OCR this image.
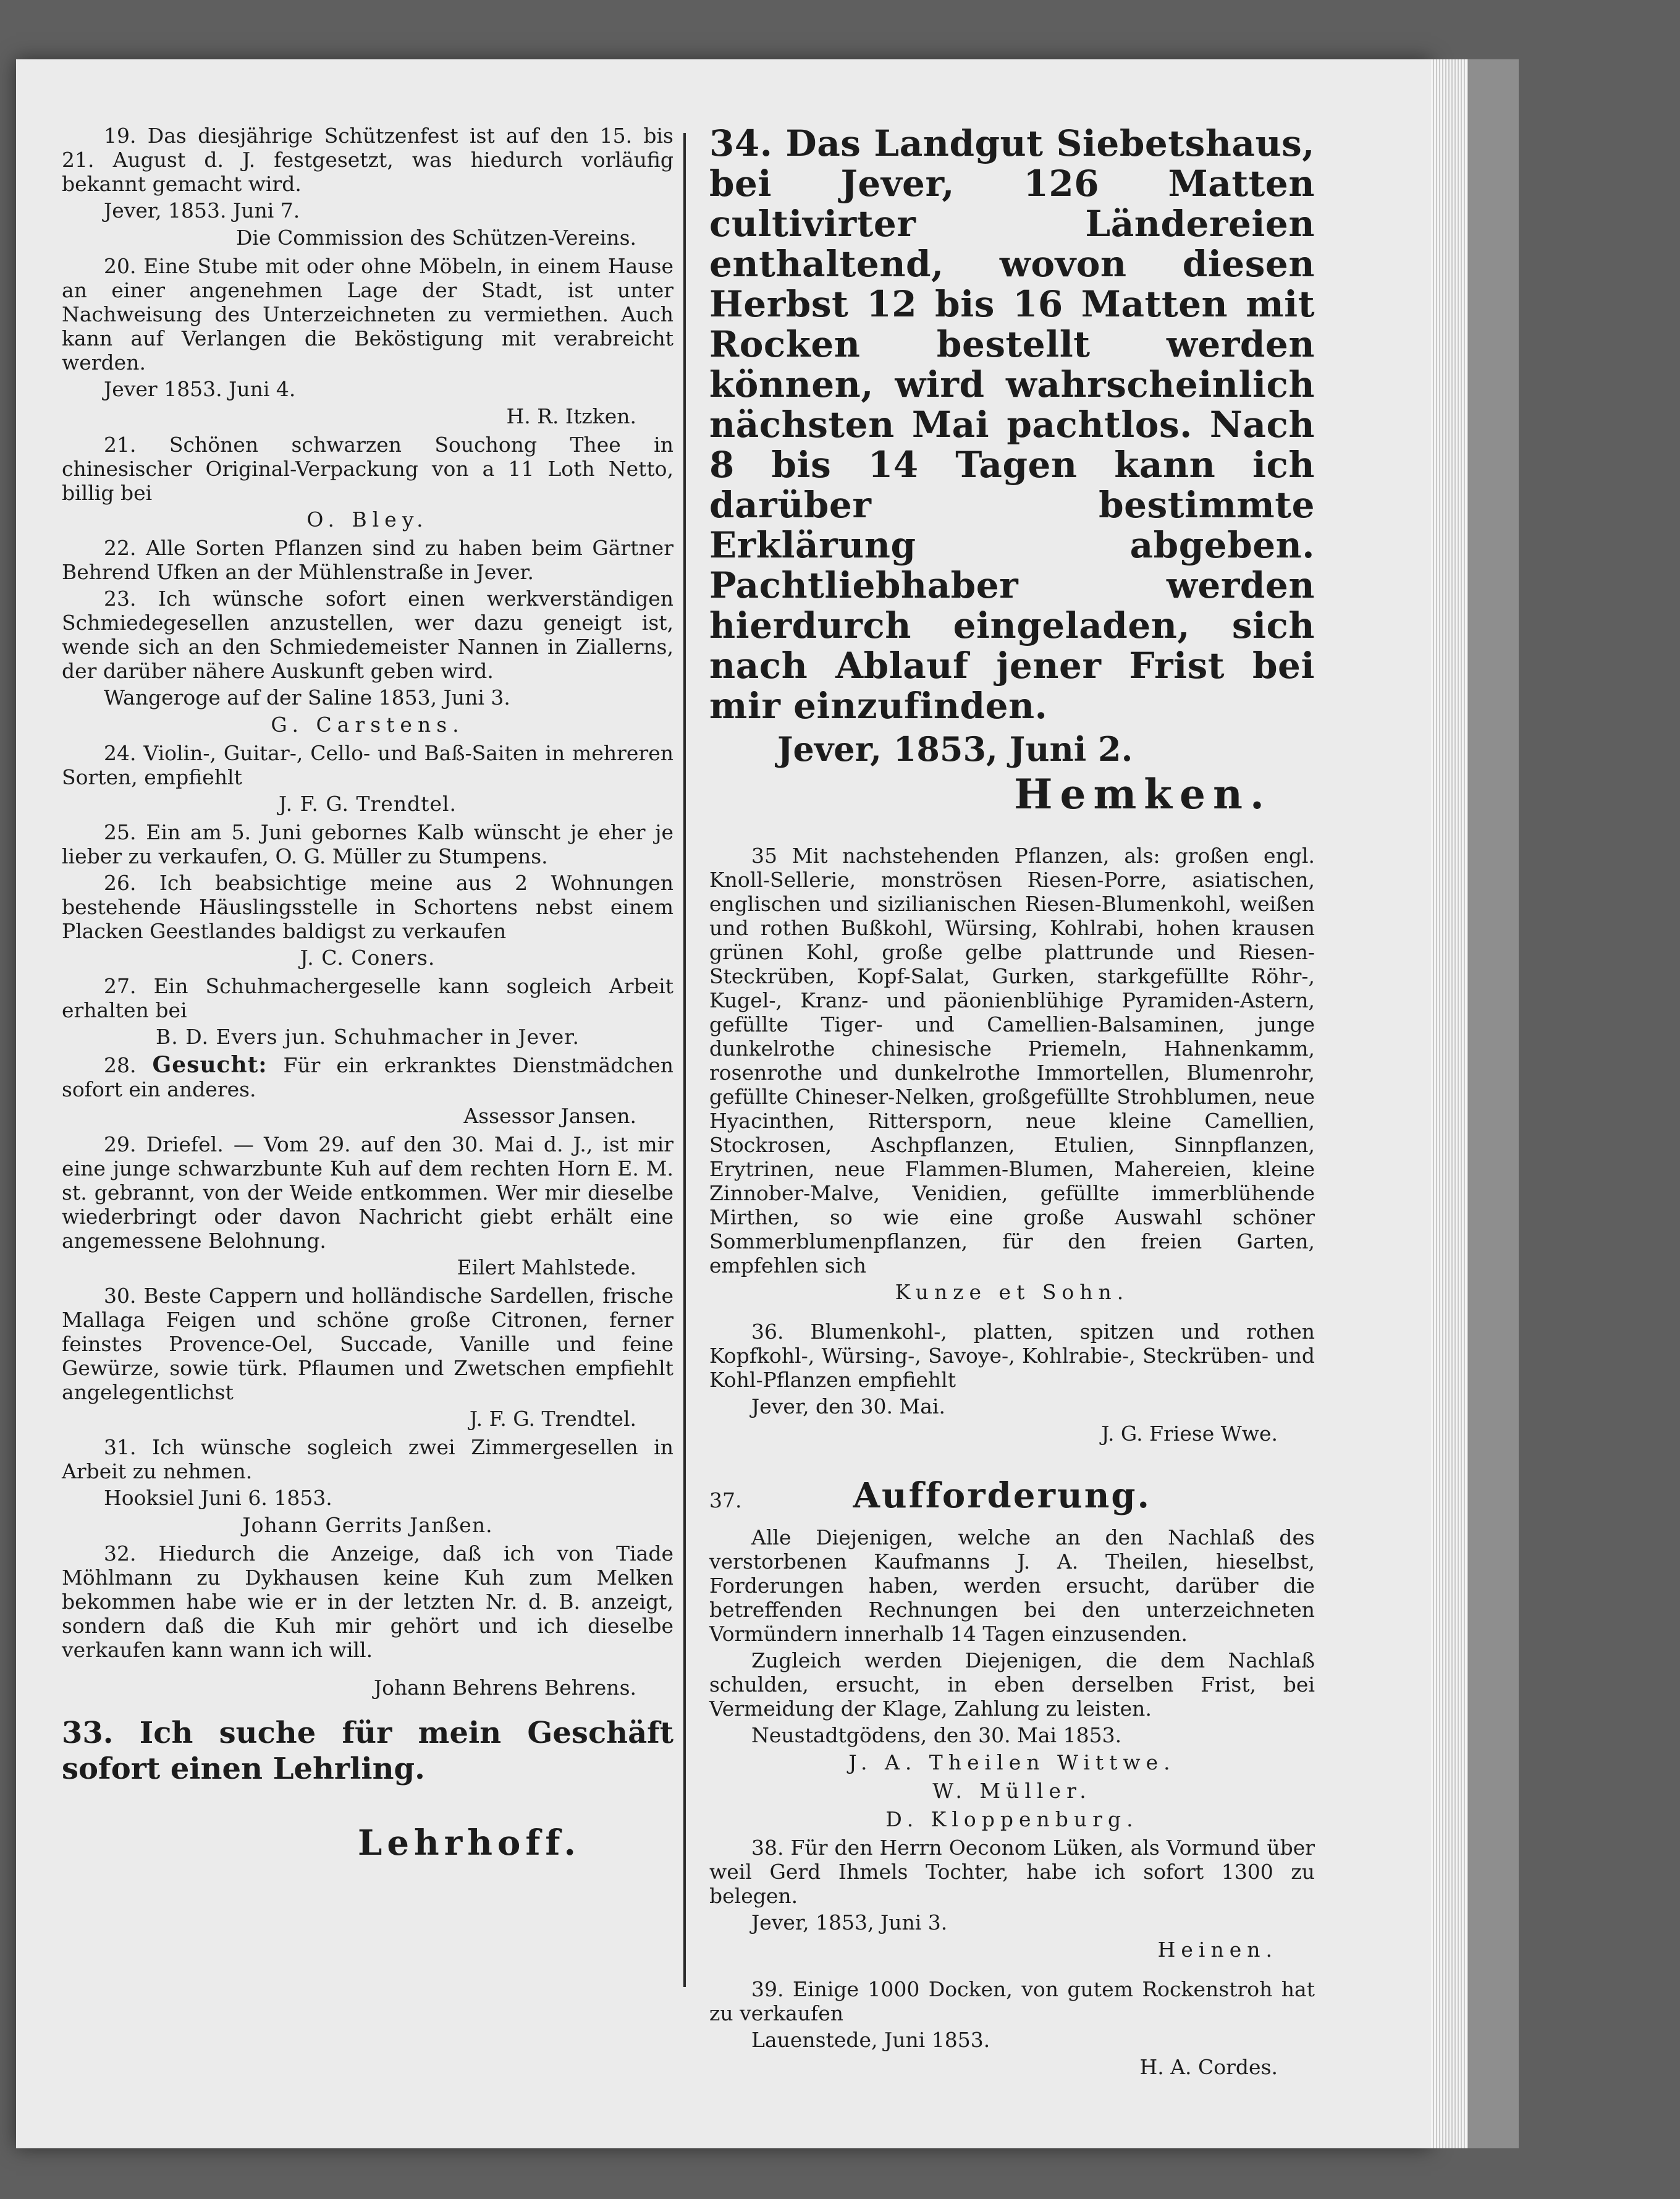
19. Das diesjährige Schützenfest ist auf den 15. bis 21. August d. J. festgesetzt, was hiedurch vorläufig bekannt gemacht wird.

Jever, 1853. Juni 7.

Die Commission des Schützen-Vereins.

20. Eine Stube mit oder ohne Möbeln, in einem Hause an einer angenehmen Lage der Stadt, ist unter Nachweisung des Unterzeichneten zu vermiethen. Auch kann auf Verlangen die Beköstigung mit verabreicht werden.

Jever 1853. Juni 4.

H. R. Itzken.

21. Schönen schwarzen Souchong Thee in chinesischer Original-Verpackung von a 11 Loth Netto, billig bei

O. Bley.

22. Alle Sorten Pflanzen sind zu haben beim Gärtner Behrend Ufken an der Mühlenstraße in Jever.

23. Ich wünsche sofort einen werkverständigen Schmiedegesellen anzustellen, wer dazu geneigt ist, wende sich an den Schmiedemeister Nannen in Ziallerns, der darüber nähere Auskunft geben wird.

Wangeroge auf der Saline 1853, Juni 3.

G. Carstens.

24. Violin-, Guitar-, Cello- und Baß-Saiten in mehreren Sorten, empfiehlt

J. F. G. Trendtel.

25. Ein am 5. Juni gebornes Kalb wünscht je eher je lieber zu verkaufen, O. G. Müller zu Stumpens.

26. Ich beabsichtige meine aus 2 Wohnungen bestehende Häuslingsstelle in Schortens nebst einem Placken Geestlandes baldigst zu verkaufen

J. C. Coners.

27. Ein Schuhmachergeselle kann sogleich Arbeit erhalten bei

B. D. Evers jun. Schuhmacher in Jever.

28. Gesucht: Für ein erkranktes Dienstmädchen sofort ein anderes.

Assessor Jansen.

29. Driefel. — Vom 29. auf den 30. Mai d. J., ist mir eine junge schwarzbunte Kuh auf dem rechten Horn E. M. st. gebrannt, von der Weide entkommen. Wer mir dieselbe wiederbringt oder davon Nachricht giebt erhält eine angemessene Belohnung.

Eilert Mahlstede.

30. Beste Cappern und holländische Sardellen, frische Mallaga Feigen und schöne große Citronen, ferner feinstes Provence-Oel, Succade, Vanille und feine Gewürze, sowie türk. Pflaumen und Zwetschen empfiehlt angelegentlichst

J. F. G. Trendtel.

31. Ich wünsche sogleich zwei Zimmergesellen in Arbeit zu nehmen.

Hooksiel Juni 6. 1853.

Johann Gerrits Janßen.

32. Hiedurch die Anzeige, daß ich von Tiade Möhlmann zu Dykhausen keine Kuh zum Melken bekommen habe wie er in der letzten Nr. d. B. anzeigt, sondern daß die Kuh mir gehört und ich dieselbe verkaufen kann wann ich will.

Johann Behrens Behrens.

33. Ich suche für mein Geschäft sofort einen Lehrling.

Lehrhoff.

34. Das Landgut Siebetshaus, bei Jever, 126 Matten cultivirter Ländereien enthaltend, wovon diesen Herbst 12 bis 16 Matten mit Rocken bestellt werden können, wird wahrscheinlich nächsten Mai pachtlos. Nach 8 bis 14 Tagen kann ich darüber bestimmte Erklärung abgeben. Pachtliebhaber werden hierdurch eingeladen, sich nach Ablauf jener Frist bei mir einzufinden.

Jever, 1853, Juni 2.

Hemken.

35 Mit nachstehenden Pflanzen, als: großen engl. Knoll-Sellerie, monströsen Riesen-Porre, asiatischen, englischen und sizilianischen Riesen-Blumenkohl, weißen und rothen Bußkohl, Würsing, Kohlrabi, hohen krausen grünen Kohl, große gelbe plattrunde und Riesen-Steckrüben, Kopf-Salat, Gurken, starkgefüllte Röhr-, Kugel-, Kranz- und päonienblühige Pyramiden-Astern, gefüllte Tiger- und Camellien-Balsaminen, junge dunkelrothe chinesische Priemeln, Hahnenkamm, rosenrothe und dunkelrothe Immortellen, Blumenrohr, gefüllte Chineser-Nelken, großgefüllte Strohblumen, neue Hyacinthen, Rittersporn, neue kleine Camellien, Stockrosen, Aschpflanzen, Etulien, Sinnpflanzen, Erytrinen, neue Flammen-Blumen, Mahereien, kleine Zinnober-Malve, Venidien, gefüllte immerblühende Mirthen, so wie eine große Auswahl schöner Sommerblumenpflanzen, für den freien Garten, empfehlen sich

Kunze et Sohn.

36. Blumenkohl-, platten, spitzen und rothen Kopfkohl-, Würsing-, Savoye-, Kohlrabie-, Steckrüben- und Kohl-Pflanzen empfiehlt

Jever, den 30. Mai.

J. G. Friese Wwe.

37.	Aufforderung.

Alle Diejenigen, welche an den Nachlaß des verstorbenen Kaufmanns J. A. Theilen, hieselbst, Forderungen haben, werden ersucht, darüber die betreffenden Rechnungen bei den unterzeichneten Vormündern innerhalb 14 Tagen einzusenden.

Zugleich werden Diejenigen, die dem Nachlaß schulden, ersucht, in eben derselben Frist, bei Vermeidung der Klage, Zahlung zu leisten.

Neustadtgödens, den 30. Mai 1853.

J. A. Theilen Wittwe.

W. Müller.

D. Kloppenburg.

38. Für den Herrn Oeconom Lüken, als Vormund über weil Gerd Ihmels Tochter, habe ich sofort 1300 zu belegen.

Jever, 1853, Juni 3.

Heinen.

39. Einige 1000 Docken, von gutem Rockenstroh hat zu verkaufen

Lauenstede, Juni 1853.

H. A. Cordes.
